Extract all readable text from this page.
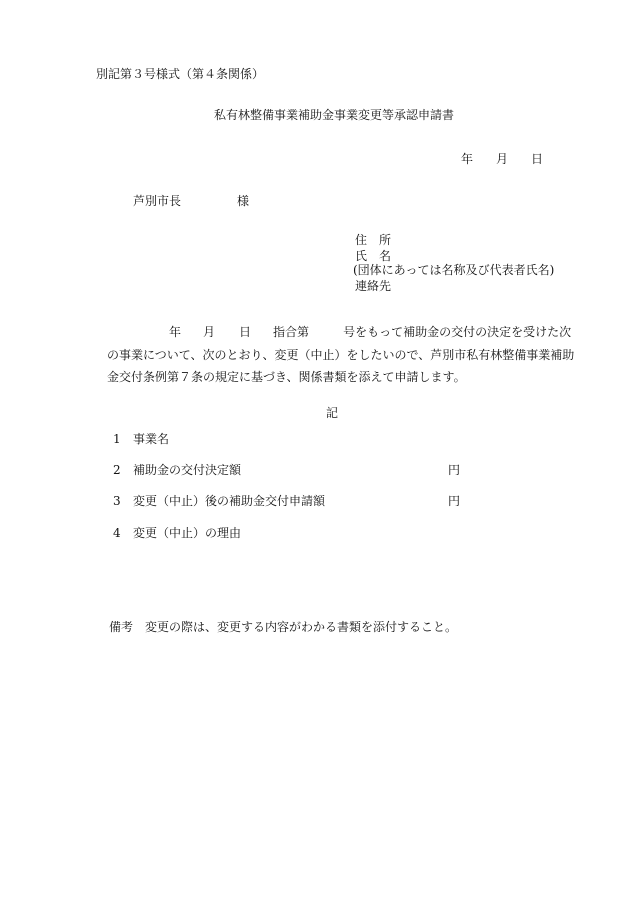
別記第３号様式（第４条関係）
私有林整備事業補助金事業変更等承認申請書
年 月 日
芦別市長	様
住　所
氏　名
(団体にあっては名称及び代表者氏名)
連絡先
年 月 日 指合第	号をもって補助金の交付の決定を受けた次
の事業について、次のとおり、変更（中止）をしたいので、芦別市私有林整備事業補助
金交付条例第７条の規定に基づき、関係書類を添えて申請します。
記
1 事業名
2 補助金の交付決定額	円
3 変更（中止）後の補助金交付申請額	円
4 変更（中止）の理由
備考 変更の際は、変更する内容がわかる書類を添付すること。
